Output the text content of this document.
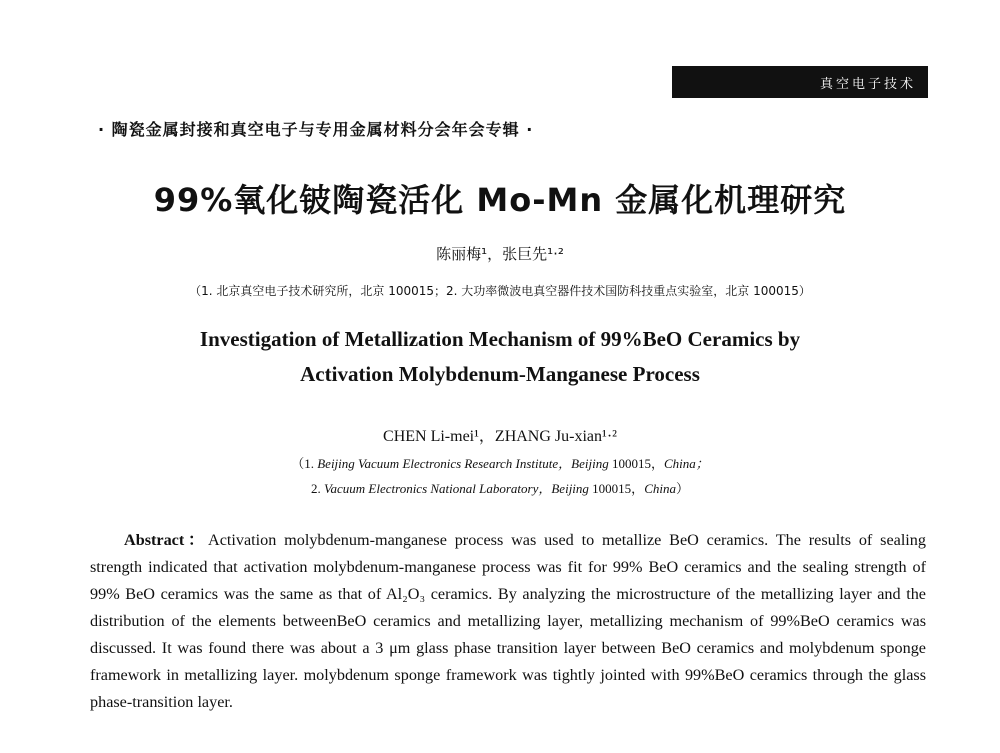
真空电子技术
· 陶瓷金属封接和真空电子与专用金属材料分会年会专辑 ·
99%氧化铍陶瓷活化 Mo-Mn 金属化机理研究
陈丽梅¹，张巨先¹·²
（1. 北京真空电子技术研究所，北京 100015；2. 大功率微波电真空器件技术国防科技重点实验室，北京 100015）
Investigation of Metallization Mechanism of 99%BeO Ceramics by
Activation Molybdenum-Manganese Process
CHEN Li-mei¹，ZHANG Ju-xian¹·²
（1. Beijing Vacuum Electronics Research Institute，Beijing 100015，China；
2. Vacuum Electronics National Laboratory，Beijing 100015，China）

Abstract：Activation molybdenum-manganese process was used to metallize BeO ceramics. The results of sealing strength indicated that activation molybdenum-manganese process was fit for 99% BeO ceramics and the sealing strength of 99% BeO ceramics was the same as that of Al₂O₃ ceramics. By analyzing the microstructure of the metallizing layer and the distribution of the elements betweenBeO ceramics and metallizing layer, metallizing mechanism of 99%BeO ceramics was discussed. It was found there was about a 3 μm glass phase transition layer between BeO ceramics and molybdenum sponge framework in metallizing layer. molybdenum sponge framework was tightly jointed with 99%BeO ceramics through the glass phase-transition layer.
